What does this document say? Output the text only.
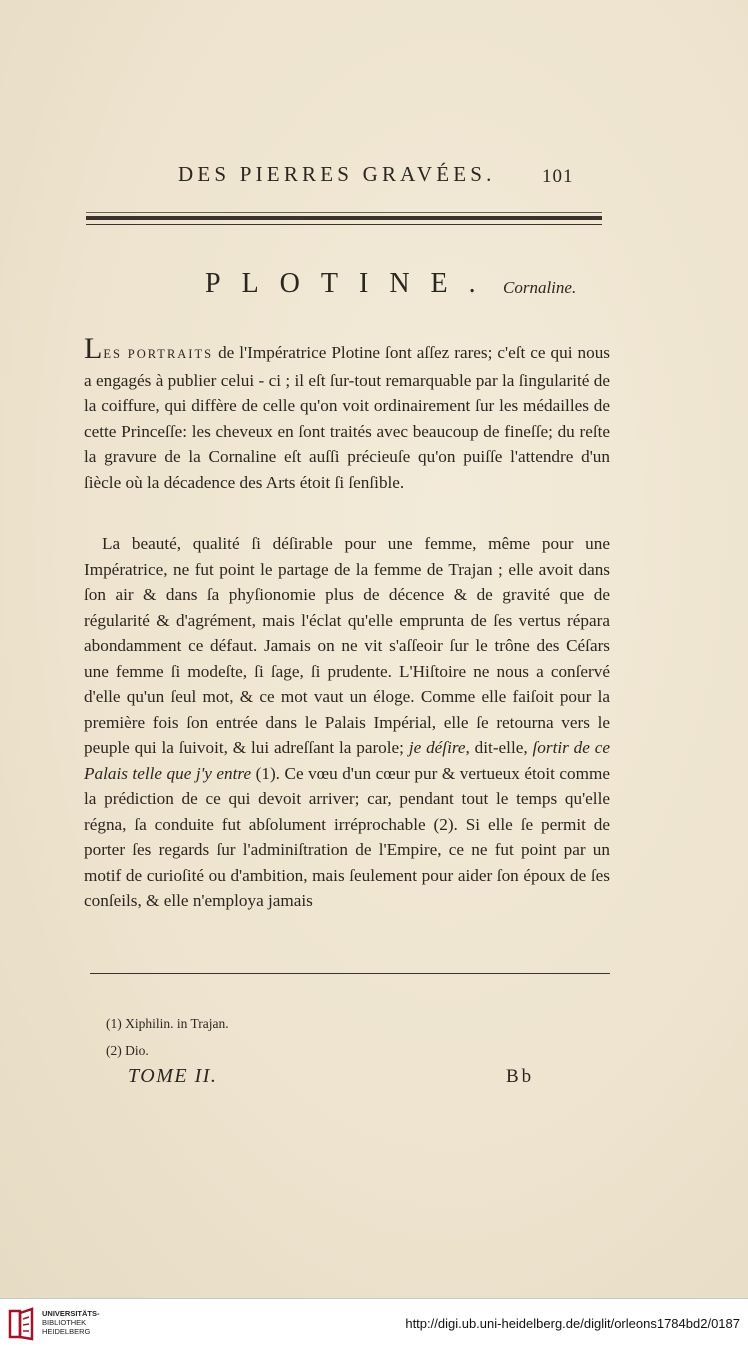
DES PIERRES GRAVÉES. 101
PLOTINE. Cornaline.
LES PORTRAITS de l'Impératrice Plotine ſont aſſez rares; c'eſt ce qui nous a engagés à publier celui - ci ; il eſt ſur-tout remarquable par la ſingularité de la coiffure, qui diffère de celle qu'on voit ordinairement ſur les médailles de cette Princeſſe: les cheveux en ſont traités avec beaucoup de fineſſe; du reſte la gravure de la Cornaline eſt auſſi précieuſe qu'on puiſſe l'attendre d'un ſiècle où la décadence des Arts étoit ſi ſenſible.
La beauté, qualité ſi déſirable pour une femme, même pour une Impératrice, ne fut point le partage de la femme de Trajan ; elle avoit dans ſon air & dans ſa phyſionomie plus de décence & de gravité que de régularité & d'agrément, mais l'éclat qu'elle emprunta de ſes vertus répara abondamment ce défaut. Jamais on ne vit s'aſſeoir ſur le trône des Céſars une femme ſi modeſte, ſi ſage, ſi prudente. L'Hiſtoire ne nous a conſervé d'elle qu'un ſeul mot, & ce mot vaut un éloge. Comme elle faiſoit pour la première fois ſon entrée dans le Palais Impérial, elle ſe retourna vers le peuple qui la ſuivoit, & lui adreſſant la parole; je déſire, dit-elle, ſortir de ce Palais telle que j'y entre (1). Ce vœu d'un cœur pur & vertueux étoit comme la prédiction de ce qui devoit arriver; car, pendant tout le temps qu'elle régna, ſa conduite fut abſolument irréprochable (2). Si elle ſe permit de porter ſes regards ſur l'adminiſtration de l'Empire, ce ne fut point par un motif de curioſité ou d'ambition, mais ſeulement pour aider ſon époux de ſes conſeils, & elle n'employa jamais
(1) Xiphilin. in Trajan.
(2) Dio.
TOME II.	Bb
UNIVERSITÄTS-
BIBLIOTHEK
HEIDELBERG
http://digi.ub.uni-heidelberg.de/diglit/orleons1784bd2/0187
